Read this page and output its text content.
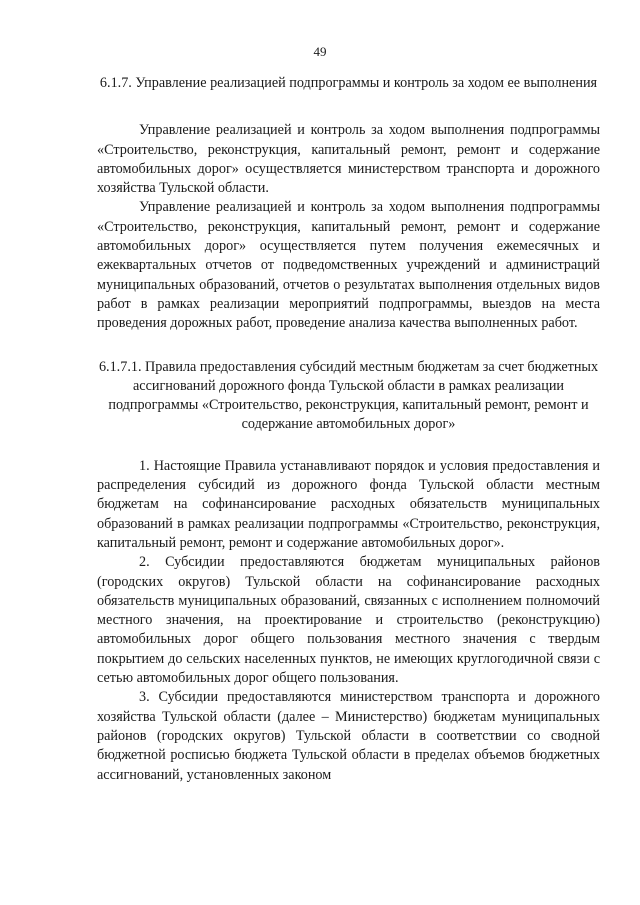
49

6.1.7. Управление реализацией подпрограммы и контроль за ходом ее выполнения

Управление реализацией и контроль за ходом выполнения подпрограммы «Строительство, реконструкция, капитальный ремонт, ремонт и содержание автомобильных дорог» осуществляется министерством транспорта и дорожного хозяйства Тульской области.

Управление реализацией и контроль за ходом выполнения подпрограммы «Строительство, реконструкция, капитальный ремонт, ремонт и содержание автомобильных дорог» осуществляется путем получения ежемесячных и ежеквартальных отчетов от подведомственных учреждений и администраций муниципальных образований, отчетов о результатах выполнения отдельных видов работ в рамках реализации мероприятий подпрограммы, выездов на места проведения дорожных работ, проведение анализа качества выполненных работ.

6.1.7.1. Правила предоставления субсидий местным бюджетам за счет бюджетных ассигнований дорожного фонда Тульской области в рамках реализации подпрограммы «Строительство, реконструкция, капитальный ремонт, ремонт и содержание автомобильных дорог»

1. Настоящие Правила устанавливают порядок и условия предоставления и распределения субсидий из дорожного фонда Тульской области местным бюджетам на софинансирование расходных обязательств муниципальных образований в рамках реализации подпрограммы «Строительство, реконструкция, капитальный ремонт, ремонт и содержание автомобильных дорог».

2. Субсидии предоставляются бюджетам муниципальных районов (городских округов) Тульской области на софинансирование расходных обязательств муниципальных образований, связанных с исполнением полномочий местного значения, на проектирование и строительство (реконструкцию) автомобильных дорог общего пользования местного значения с твердым покрытием до сельских населенных пунктов, не имеющих круглогодичной связи с сетью автомобильных дорог общего пользования.

3. Субсидии предоставляются министерством транспорта и дорожного хозяйства Тульской области (далее – Министерство) бюджетам муниципальных районов (городских округов) Тульской области в соответствии со сводной бюджетной росписью бюджета Тульской области в пределах объемов бюджетных ассигнований, установленных законом
